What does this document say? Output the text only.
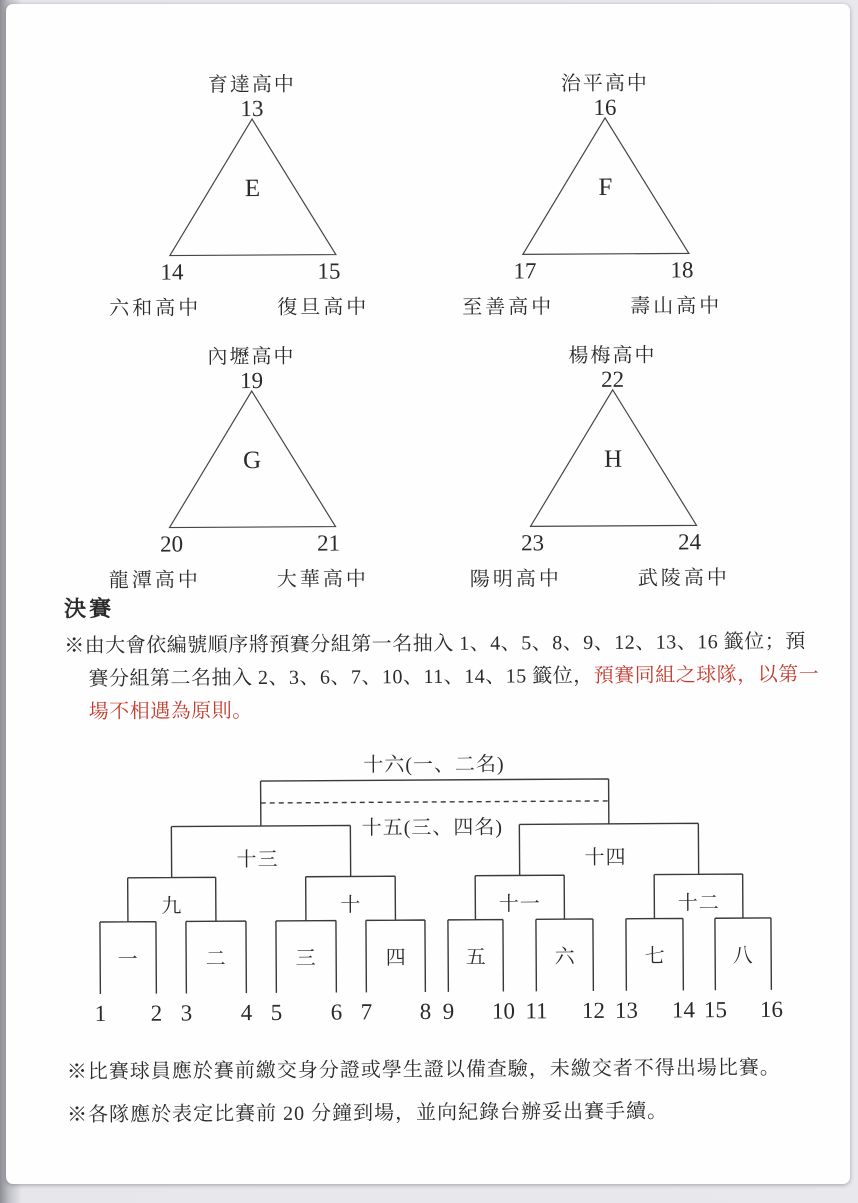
育達高中
13
E
14	15
六和高中	復旦高中
治平高中
16
F
17	18
至善高中	壽山高中
內壢高中
19
G
20	21
龍潭高中	大華高中
楊梅高中
22
H
23	24
陽明高中	武陵高中
決賽
※由大會依編號順序將預賽分組第一名抽入 1、4、5、8、9、12、13、16 籤位；預
賽分組第二名抽入 2、3、6、7、10、11、14、15 籤位，預賽同組之球隊，以第一
場不相遇為原則。
十六(一、二名)
十五(三、四名)
十三	十四
九	十	十一	十二
一	二	三	四	五	六	七	八
1	2 3	4 5	6 7	8 9	10 11	12 13	14 15	16
※比賽球員應於賽前繳交身分證或學生證以備查驗，未繳交者不得出場比賽。
※各隊應於表定比賽前 20 分鐘到場，並向紀錄台辦妥出賽手續。
